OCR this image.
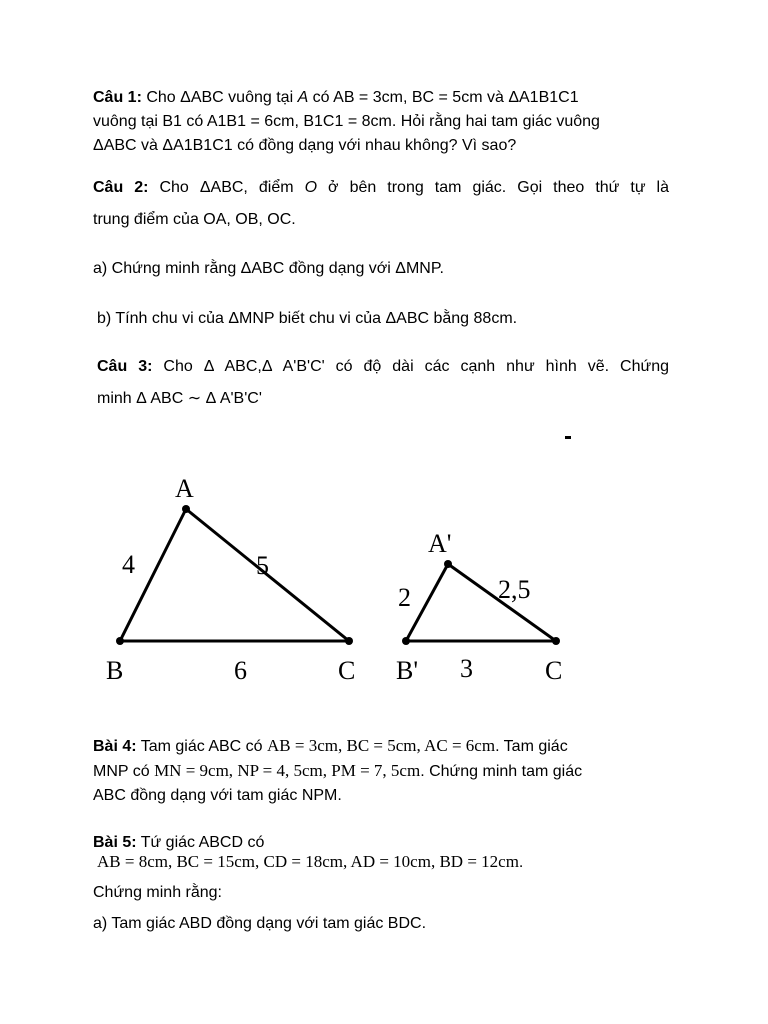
Câu 1: Cho ΔABC vuông tại A có AB = 3cm, BC = 5cm và ΔA1B1C1
vuông tại B1 có A1B1 = 6cm, B1C1 = 8cm. Hỏi rằng hai tam giác vuông
ΔABC và ΔA1B1C1 có đồng dạng với nhau không? Vì sao?
Câu 2: Cho ΔABC, điểm O ở bên trong tam giác. Gọi theo thứ tự là
trung điểm của OA, OB, OC.
a) Chứng minh rằng ΔABC đồng dạng với ΔMNP.
b) Tính chu vi của ΔMNP biết chu vi của ΔABC bằng 88cm.
Câu 3: Cho Δ ABC,Δ A'B'C' có độ dài các cạnh như hình vẽ. Chứng
minh Δ ABC ∼ Δ A'B'C'
A
B	C
4	5
6
A'
B'	C
2	2,5
3
Bài 4: Tam giác ABC có AB = 3cm, BC = 5cm, AC = 6cm. Tam giác
MNP có MN = 9cm, NP = 4, 5cm, PM = 7, 5cm. Chứng minh tam giác
ABC đồng dạng với tam giác NPM.
Bài 5: Tứ giác ABCD có
AB = 8cm, BC = 15cm, CD = 18cm, AD = 10cm, BD = 12cm.
Chứng minh rằng:
a) Tam giác ABD đồng dạng với tam giác BDC.
